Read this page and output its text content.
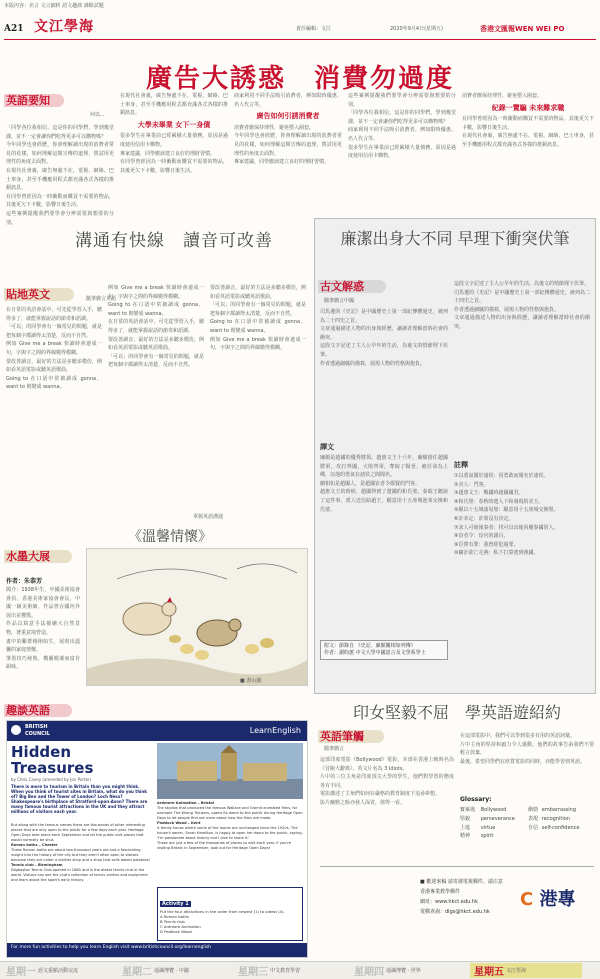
本版內容：名言 文言細析 語文趣談 課餘試題
A21 文江學海	責任編輯：文江	2020年9月4日(星期五)	香港文匯報WEN WEI PO
廣告大誘惑　消費勿過度
英語要知
何以...

「同學各位我相信，這是你的同學們，學到幾堂課，並不一定會讓你們吃得更多可以購物嗎？

今年同學也會經歷，你會理解讀出現的消費者常見的花樣，如何理解這類宣傳的道理，嘗試用更理性的角度去面對。

在現代社會裏，廣告無處不在，電視、網絡、巴士車身，甚至手機應用程式都充滿各式各樣的推銷訊息。

有同學曾經因為一時衝動而購買不需要的物品，其後更欠下卡數，影響日後生活。

這些案例提醒我們要學會分辨需要與想要的分別。

在現代社會裏，廣告無處不在，電視、網絡、巴士車身，甚至手機應用程式都充滿各式各樣的推銷訊息。

大學未畢業 女下一身債

很多學生在畢業前已經累積大量債務，原因是過度使用信用卡購物。

專家建議，同學應該建立良好的理財習慣。

有同學曾經因為一時衝動而購買不需要的物品，其後更欠下卡數，影響日後生活。

商家利用不同手法吸引消費者，例如限時優惠、名人代言等。

廣告如何引誘消費者

消費者應保持理性，避免墮入圈套。

今年同學也會經歷，你會理解讀出現的消費者常見的花樣，如何理解這類宣傳的道理，嘗試用更理性的角度去面對。

專家建議，同學應該建立良好的理財習慣。

這些案例提醒我們要學會分辨需要與想要的分別。

「同學各位我相信，這是你的同學們，學到幾堂課，並不一定會讓你們吃得更多可以購物嗎？

商家利用不同手法吸引消費者，例如限時優惠、名人代言等。

很多學生在畢業前已經累積大量債務，原因是過度使用信用卡購物。

消費者應保持理性，避免墮入圈套。

紀錄一覽騙 未來難求職

有同學曾經因為一時衝動而購買不需要的物品，其後更欠下卡數，影響日後生活。

在現代社會裏，廣告無處不在，電視、網絡、巴士車身，甚至手機應用程式都充滿各式各樣的推銷訊息。

溝通有快線　讀音可改善
貼地英文	隨筆戲言英語

在日常的英語會話中，可先從學習入手，聽得多了，就能掌握說話的節奏和語調。

「可以」的同學會有一個常見的問題，就是把每個字都讀得太清楚，反而不自然。

例如 Give me a break 快讀時會連成一句，字與字之間的界線變得模糊。

要改善讀音，最好的方法是多聽多模仿，例如看英語電影或聽英語歌曲。

Going to 在口語中常被讀成 gonna，want to 則變成 wanna。

例如 Give me a break 快讀時會連成一句，字與字之間的界線變得模糊。

Going to 在口語中常被讀成 gonna，want to 則變成 wanna。

在日常的英語會話中，可先從學習入手，聽得多了，就能掌握說話的節奏和語調。

要改善讀音，最好的方法是多聽多模仿，例如看英語電影或聽英語歌曲。

「可以」的同學會有一個常見的問題，就是把每個字都讀得太清楚，反而不自然。

要改善讀音，最好的方法是多聽多模仿，例如看英語電影或聽英語歌曲。

「可以」的同學會有一個常見的問題，就是把每個字都讀得太清楚，反而不自然。

Going to 在口語中常被讀成 gonna，want to 則變成 wanna。

例如 Give me a break 快讀時會連成一句，字與字之間的界線變得模糊。

掌握英語溝通
廉潔出身大不同 早理下衝突伏筆
古文解惑
隨筆戲言中國

司馬遷的《史記》是中國歷史上第一部紀傳體通史，被列為二十四史之首。

文章通過描述人物的出身與經歷，讓讀者理解當時社會的衝突。

這段文字記述了主人公早年的生活，為後文的情節埋下伏筆。

作者透過細膩的描寫，展現人物的性格與抱負。

這段文字記述了主人公早年的生活，為後文的情節埋下伏筆。

司馬遷的《史記》是中國歷史上第一部紀傳體通史，被列為二十四史之首。

作者透過細膩的描寫，展現人物的性格與抱負。

文章通過描述人物的出身與經歷，讓讀者理解當時社會的衝突。

譯文

廉頗是趙國的優秀將領。趙惠文王十六年，廉頗擔任趙國將軍，攻打齊國，大敗齊軍，奪取了陽晉，被任命為上卿，以他的勇氣在諸侯之間聞名。

藺相如是趙國人，是趙國宦者令繆賢的門客。

趙惠文王的時候，趙國得到了楚國的和氏璧。秦昭王聽說了這件事，派人送信給趙王，願意用十五座城池來交換和氏璧。

註釋

①以勇氣聞於諸侯：因勇敢而聞名於諸侯。

②舍人：門客。

③趙惠文王：戰國時趙國國君。

④和氏璧：春秋時楚人卞和發現的美玉。

⑤願以十五城請易璧：願意用十五座城交換璧。

⑥計未定：計策沒有決定。

⑦求人可使報秦者：找可以出使回覆秦國的人。

⑧宦者令：宦官的頭目。

⑨臣嘗有罪：我曾經犯過罪。

⑩竊計欲亡走燕：私下打算逃到燕國。

附文：節錄自 《史記．廉頗藺相如列傳》
作者：謝昀蕙 中文大學中國語言及文學系學士
《溫馨情懷》
水墨大展
作者：朱恭芳

簡介：1938年生，中國美術協會會員，香港美術家協會會長，中國一級美術師，作品曾在國內外展出並獲獎。

作品以寫意手法描繪大自然景物，著重意境營造。

畫中的雞群栩栩如生，展現出溫馨的家庭情懷。

筆墨技巧純熟，構圖簡潔而富有韻味。

■ 書山圖
趣談英語
BRITISH
COUNCIL	LearnEnglish
Hidden
Treasures
by Chris Cavey (amended by Jon Porter)
There is more to tourism in Britain than you might think. When you think of tourist sites in Britain, what do you think of? Big Ben and the Tower of London? Loch Ness? Shakespeare's birthplace at Stratford-upon-Avon? There are many famous tourist attractions in the UK and they attract millions of visitors each year.

But along with the famous names there are thousands of other interesting places that are only open to the public for a few days each year. Heritage Open Days take place each September and let the public visit places that would normally be shut.

Roman baths – Chester

These Roman baths are about two thousand years old and a fascinating insight into the history of the city but they aren't often open to visitors because they are under a clothes shop and a shop that sells baked potatoes!

Tennis club – Birmingham

Edgbaston Tennis Club opened in 1860 and is the oldest tennis club in the world. Visitors can see the club's collection of tennis clothes and equipment and learn about the sport's early history.

Ardmore Animation – Bristol

The studios that produced the famous Wallace and Gromit animated films, for example The Wrong Trousers, opens its doors to the public during Heritage Open Days to let people find out more about how the films are made.

Paddock Wood – Kent

A family house where some of the rooms are unchanged since the 1920s. The house's owner, Sarah Hamilton, is happy to open her doors to the public, saying, 'I'm passionate about history and I love to share it.'

These are just a few of the thousands of places to visit each year. If you're visiting Britain in September, look out for Heritage Open Days!

Activity 1
Put the four attractions in the order from newest (1) to oldest (4).
A Roman baths
B Tennis club
C Ardmore Animation
D Paddock Wood
For more fun activities to help you learn English visit www.britishcouncil.org/learnenglish
印女堅毅不屈　學英語遊紹約
英語筆觸
隨筆戲言

這部印度電影《Bollywood》電影，本部在香港上映時名為《冒險大辭典》，英文片名為 3 Idiots。

片中的三位主角是印度頂尖大學的學生，他們對學習的態度各有不同。

電影講述了主角們如何在嚴格的教育制度下追尋夢想。

影片幽默之餘亦發人深省，值得一看。

在這部電影中，我們可以學到很多有用的英語詞彙。

片中主角的堅持和毅力令人感動，他們的故事告訴我們不要輕言放棄。

最後，希望同學們在欣賞電影的同時，亦能學習到英語。

Glossary:
寶萊塢	Bollywood	衝勁	embarrassing
堅毅	perseverance	表現	recognition
上進	virtue	自信	self-confidence
精神	spirit		
■ 歡迎來稿 請寄港電視郵件，請注意
香港專業教學郵件
網址：www.hkct.edu.hk
電郵查詢：dlgs@hkct.edu.hk
C 港專
星期一 語文重點活動交流	星期二 通識博覽 · 中國	星期三 中文教育學習	星期四 通識博覽 · 世界	星期五 文江學海
